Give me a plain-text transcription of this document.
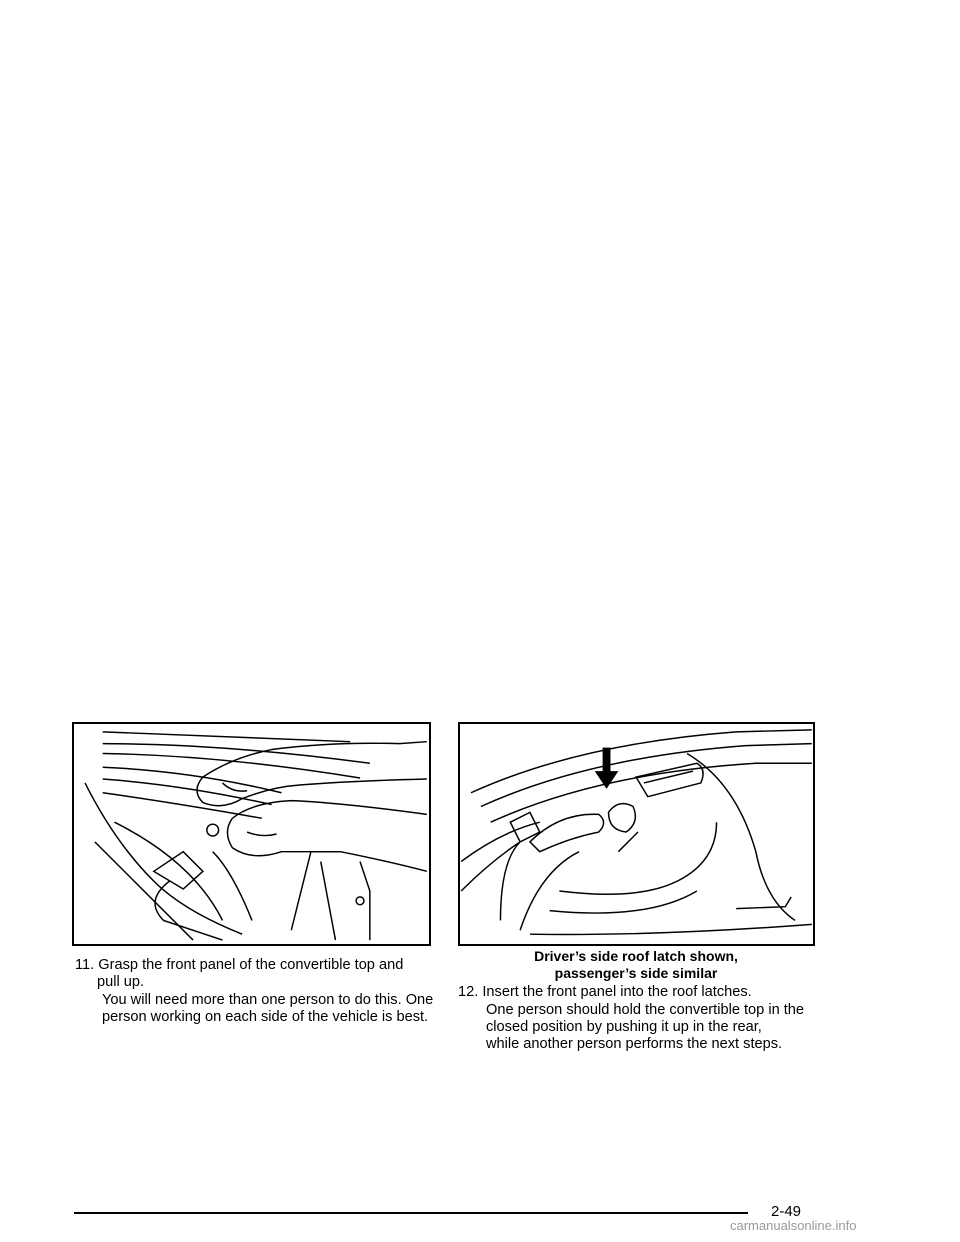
11. Grasp the front panel of the convertible top and
pull up.
You will need more than one person to do this. One
person working on each side of the vehicle is best.
Driver’s side roof latch shown,
passenger’s side similar
12. Insert the front panel into the roof latches.
One person should hold the convertible top in the
closed position by pushing it up in the rear,
while another person performs the next steps.
2-49
carmanualsonline.info
